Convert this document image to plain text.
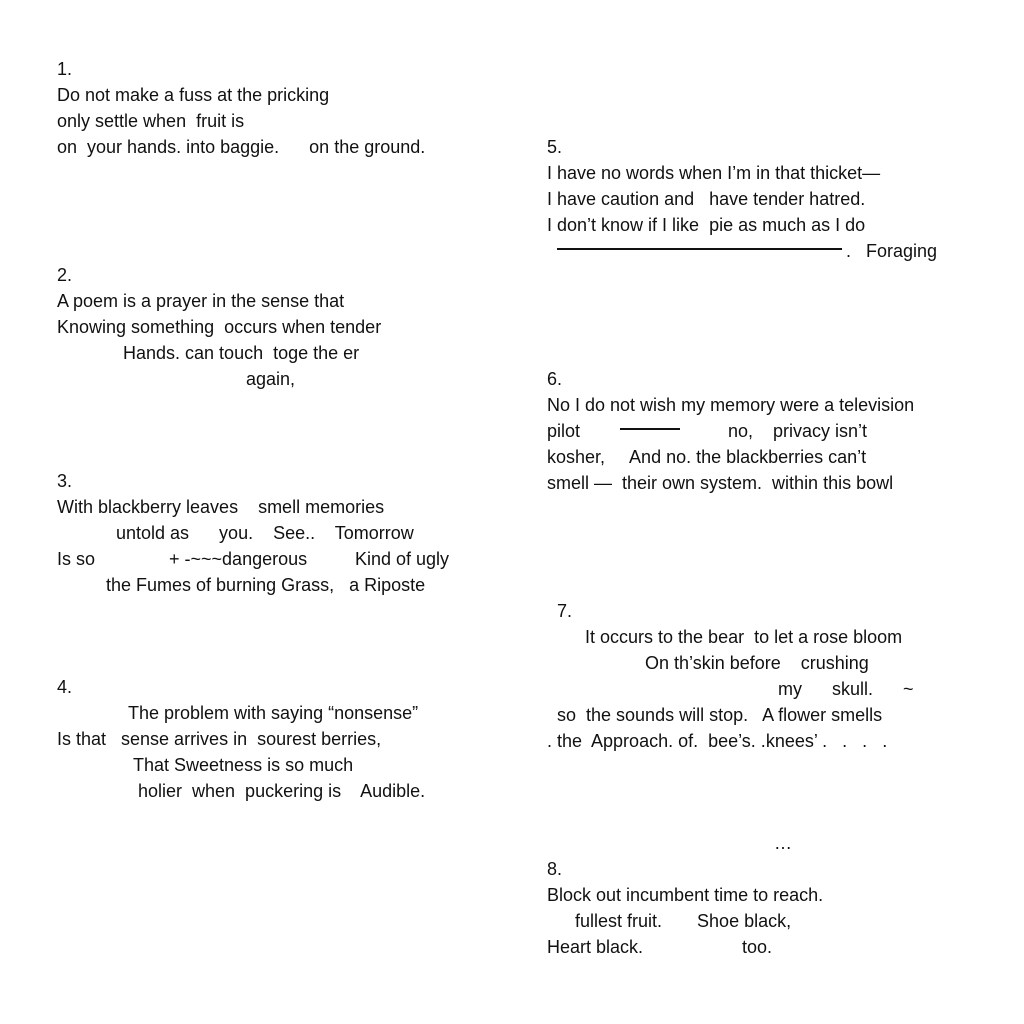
1.
Do not make a fuss at the pricking
only settle when  fruit is
on  your hands. into baggie.      on the ground.
2.
A poem is a prayer in the sense that
Knowing something  occurs when tender
Hands. can touch  toge the er
again,
3.
With blackberry leaves    smell memories
untold as      you.    See..    Tomorrow
Is so	+ -~~~dangerous	Kind of ugly
the Fumes of burning Grass,   a Riposte
4.
The problem with saying “nonsense”
Is that   sense arrives in  sourest berries,
That Sweetness is so much
holier  when  puckering is    Audible.
5.
I have no words when I’m in that thicket—
I have caution and   have tender hatred.
I don’t know if I like  pie as much as I do
.   Foraging
6.
No I do not wish my memory were a television
pilot	no,    privacy isn’t
kosher,     And no. the blackberries can’t
smell —  their own system.  within this bowl
7.
It occurs to the bear  to let a rose bloom
On th’skin before    crushing
my      skull.      ~
so  the sounds will stop.   A flower smells
. the  Approach. of.  bee’s. .knees’ .   .   .   .
…
8.
Block out incumbent time to reach.
fullest fruit.       Shoe black,
Heart black.	too.
